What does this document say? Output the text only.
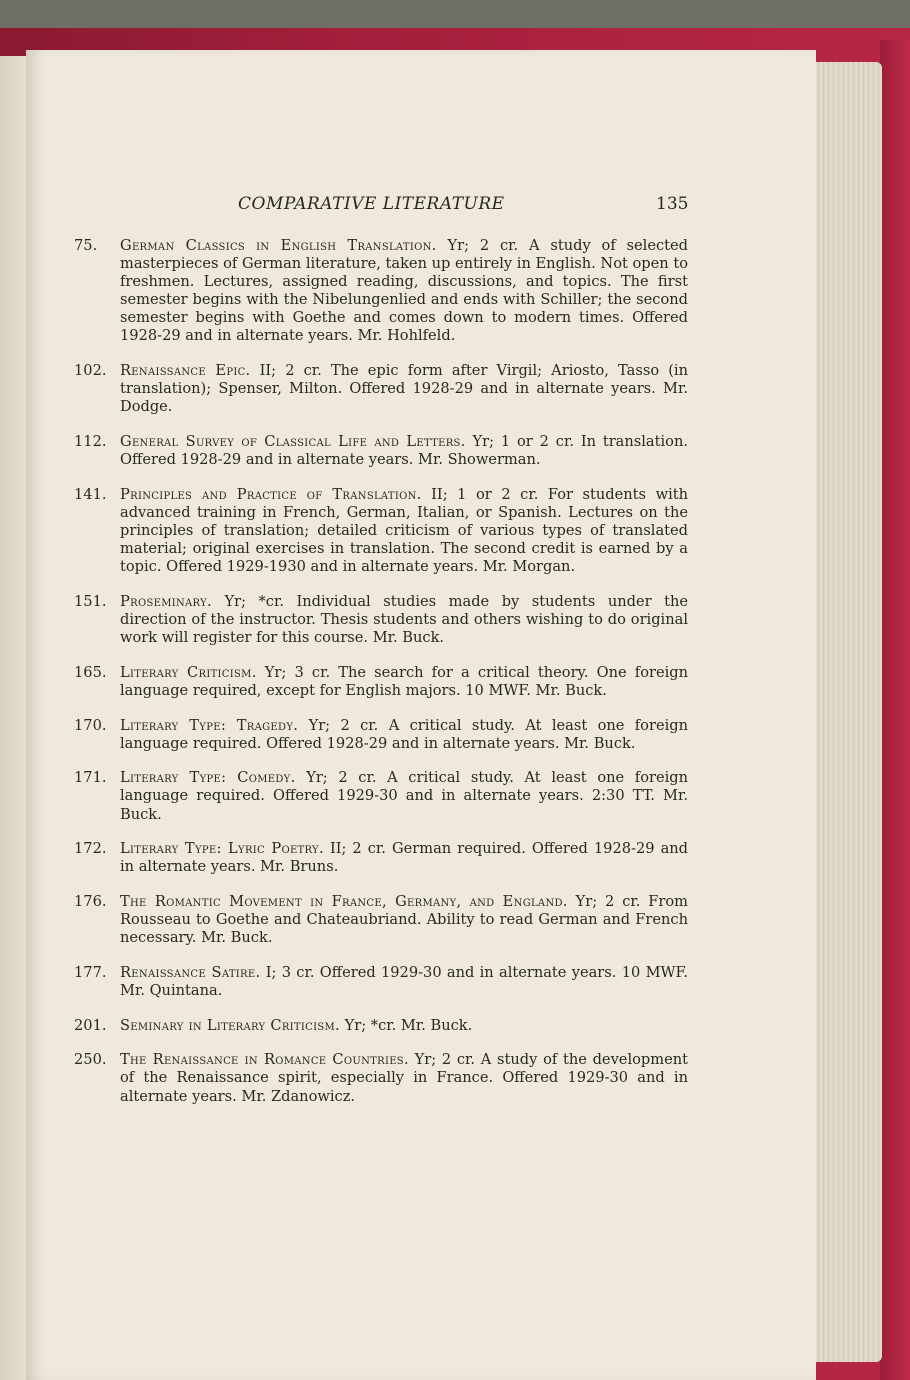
COMPARATIVE LITERATURE	135
75.	German Classics in English Translation. Yr; 2 cr. A study of selected masterpieces of German literature, taken up entirely in English. Not open to freshmen. Lectures, assigned reading, discussions, and topics. The first semester begins with the Nibelungenlied and ends with Schiller; the second semester begins with Goethe and comes down to modern times. Offered 1928-29 and in alternate years. Mr. Hohlfeld.
102. Renaissance Epic. II; 2 cr. The epic form after Virgil; Ariosto, Tasso (in translation); Spenser, Milton. Offered 1928-29 and in alternate years. Mr. Dodge.
112. General Survey of Classical Life and Letters. Yr; 1 or 2 cr. In translation. Offered 1928-29 and in alternate years. Mr. Showerman.
141. Principles and Practice of Translation. II; 1 or 2 cr. For students with advanced training in French, German, Italian, or Spanish. Lectures on the principles of translation; detailed criticism of various types of translated material; original exercises in translation. The second credit is earned by a topic. Offered 1929-1930 and in alternate years. Mr. Morgan.
151. Proseminary. Yr; *cr. Individual studies made by students under the direction of the instructor. Thesis students and others wishing to do original work will register for this course. Mr. Buck.
165. Literary Criticism. Yr; 3 cr. The search for a critical theory. One foreign language required, except for English majors. 10 MWF. Mr. Buck.
170. Literary Type: Tragedy. Yr; 2 cr. A critical study. At least one foreign language required. Offered 1928-29 and in alternate years. Mr. Buck.
171. Literary Type: Comedy. Yr; 2 cr. A critical study. At least one foreign language required. Offered 1929-30 and in alternate years. 2:30 TT. Mr. Buck.
172. Literary Type: Lyric Poetry. II; 2 cr. German required. Offered 1928-29 and in alternate years. Mr. Bruns.
176. The Romantic Movement in France, Germany, and England. Yr; 2 cr. From Rousseau to Goethe and Chateaubriand. Ability to read German and French necessary. Mr. Buck.
177. Renaissance Satire. I; 3 cr. Offered 1929-30 and in alternate years. 10 MWF. Mr. Quintana.
201. Seminary in Literary Criticism. Yr; *cr. Mr. Buck.
250. The Renaissance in Romance Countries. Yr; 2 cr. A study of the development of the Renaissance spirit, especially in France. Offered 1929-30 and in alternate years. Mr. Zdanowicz.
